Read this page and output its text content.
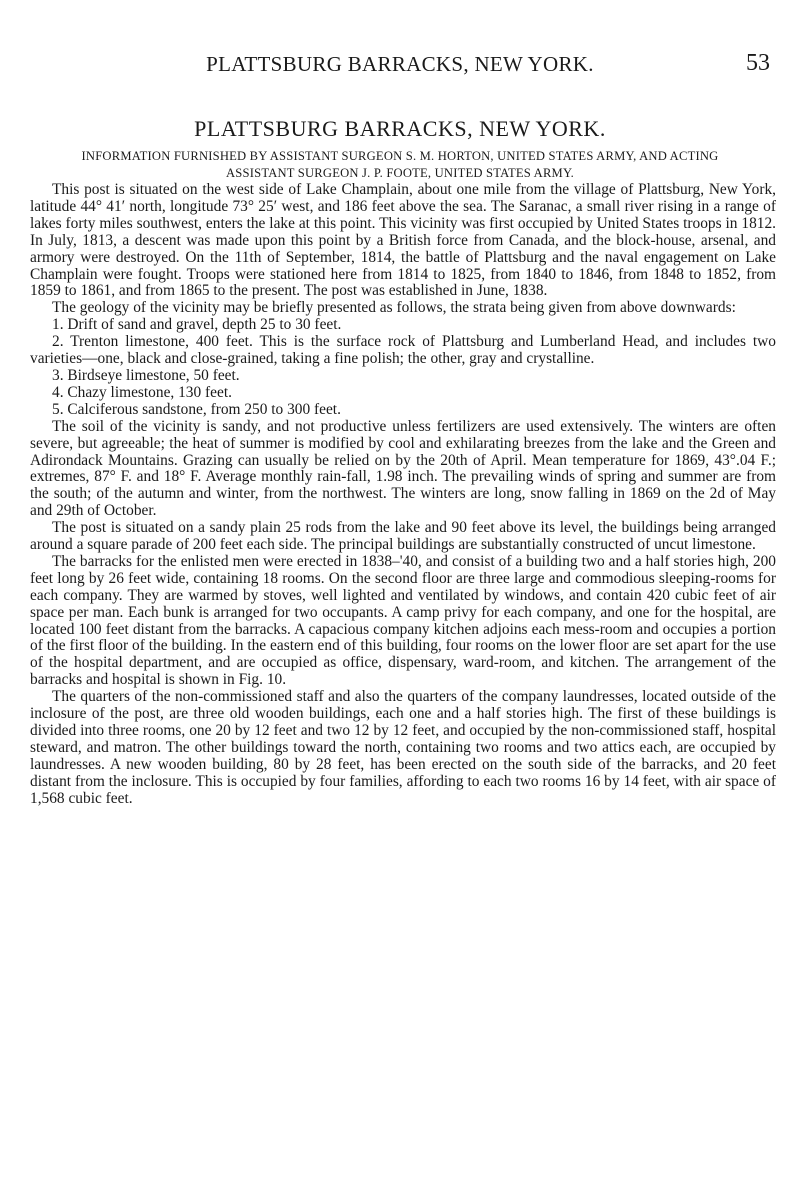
PLATTSBURG BARRACKS, NEW YORK.	53
PLATTSBURG BARRACKS, NEW YORK.
INFORMATION FURNISHED BY ASSISTANT SURGEON S. M. HORTON, UNITED STATES ARMY, AND ACTING
ASSISTANT SURGEON J. P. FOOTE, UNITED STATES ARMY.

This post is situated on the west side of Lake Champlain, about one mile from the village of Plattsburg, New York, latitude 44° 41′ north, longitude 73° 25′ west, and 186 feet above the sea. The Saranac, a small river rising in a range of lakes forty miles southwest, enters the lake at this point. This vicinity was first occupied by United States troops in 1812. In July, 1813, a descent was made upon this point by a British force from Canada, and the block-house, arsenal, and armory were destroyed. On the 11th of September, 1814, the battle of Plattsburg and the naval engagement on Lake Champlain were fought. Troops were stationed here from 1814 to 1825, from 1840 to 1846, from 1848 to 1852, from 1859 to 1861, and from 1865 to the present. The post was established in June, 1838.

The geology of the vicinity may be briefly presented as follows, the strata being given from above downwards:

1. Drift of sand and gravel, depth 25 to 30 feet.

2. Trenton limestone, 400 feet. This is the surface rock of Plattsburg and Lumberland Head, and includes two varieties—one, black and close-grained, taking a fine polish; the other, gray and crystalline.

3. Birdseye limestone, 50 feet.

4. Chazy limestone, 130 feet.

5. Calciferous sandstone, from 250 to 300 feet.

The soil of the vicinity is sandy, and not productive unless fertilizers are used extensively. The winters are often severe, but agreeable; the heat of summer is modified by cool and exhilarating breezes from the lake and the Green and Adirondack Mountains. Grazing can usually be relied on by the 20th of April. Mean temperature for 1869, 43°.04 F.; extremes, 87° F. and 18° F. Average monthly rain-fall, 1.98 inch. The prevailing winds of spring and summer are from the south; of the autumn and winter, from the northwest. The winters are long, snow falling in 1869 on the 2d of May and 29th of October.

The post is situated on a sandy plain 25 rods from the lake and 90 feet above its level, the buildings being arranged around a square parade of 200 feet each side. The principal buildings are substantially constructed of uncut limestone.

The barracks for the enlisted men were erected in 1838–'40, and consist of a building two and a half stories high, 200 feet long by 26 feet wide, containing 18 rooms. On the second floor are three large and commodious sleeping-rooms for each company. They are warmed by stoves, well lighted and ventilated by windows, and contain 420 cubic feet of air space per man. Each bunk is arranged for two occupants. A camp privy for each company, and one for the hospital, are located 100 feet distant from the barracks. A capacious company kitchen adjoins each mess-room and occupies a portion of the first floor of the building. In the eastern end of this building, four rooms on the lower floor are set apart for the use of the hospital department, and are occupied as office, dispensary, ward-room, and kitchen. The arrangement of the barracks and hospital is shown in Fig. 10.

The quarters of the non-commissioned staff and also the quarters of the company laundresses, located outside of the inclosure of the post, are three old wooden buildings, each one and a half stories high. The first of these buildings is divided into three rooms, one 20 by 12 feet and two 12 by 12 feet, and occupied by the non-commissioned staff, hospital steward, and matron. The other buildings toward the north, containing two rooms and two attics each, are occupied by laundresses. A new wooden building, 80 by 28 feet, has been erected on the south side of the barracks, and 20 feet distant from the inclosure. This is occupied by four families, affording to each two rooms 16 by 14 feet, with air space of 1,568 cubic feet.
